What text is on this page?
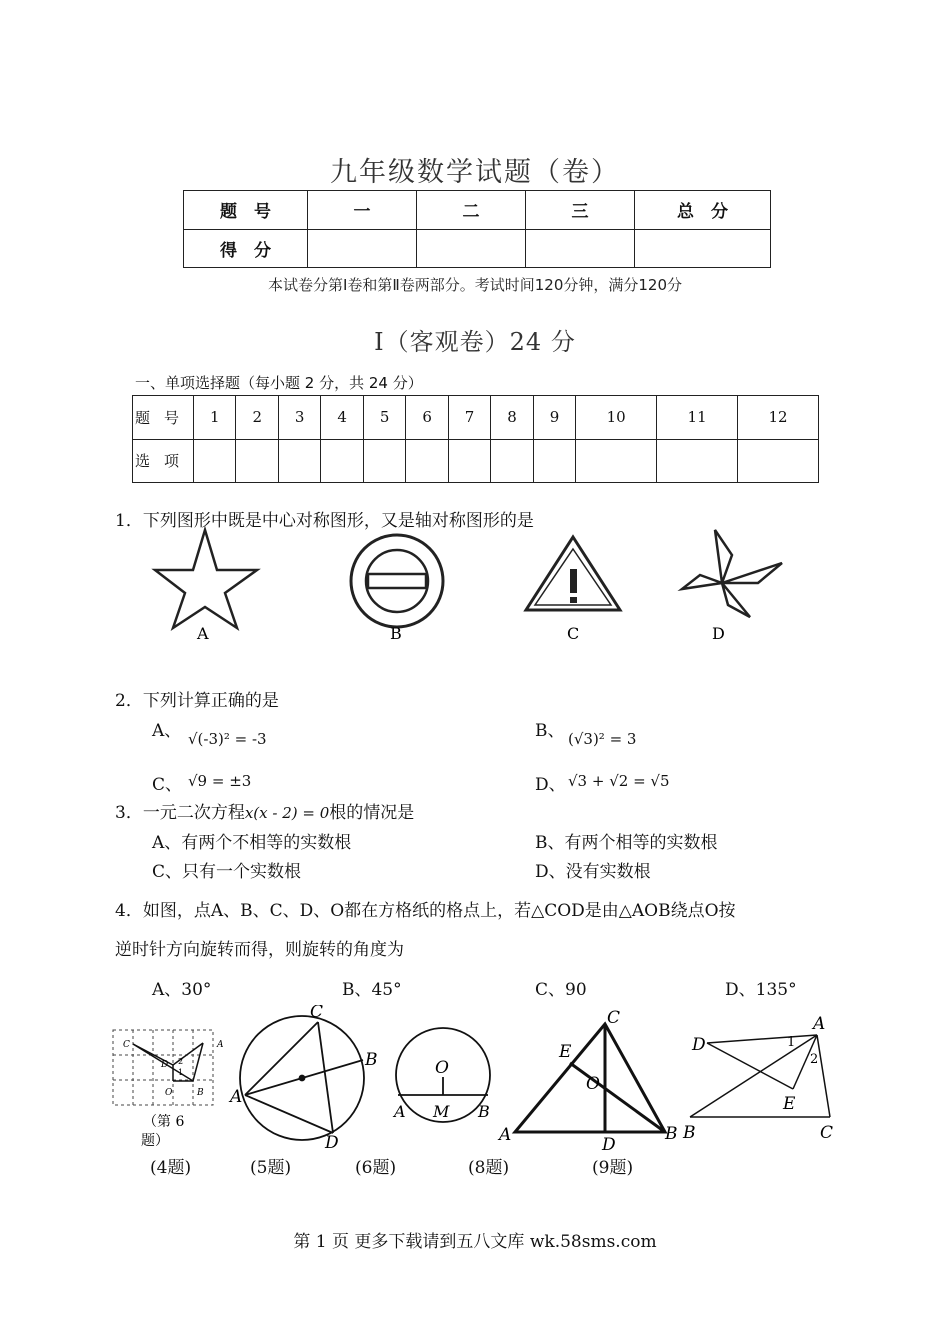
九年级数学试题（卷）
题　号	一	二	三	总　分
得　分				
本试卷分第Ⅰ卷和第Ⅱ卷两部分。考试时间120分钟，满分120分
Ⅰ（客观卷）24 分
一、单项选择题（每小题 2 分，共 24 分）
题号	1	2	3	4	5	6	7	8	9	10	11	12
选项												
1．下列图形中既是中心对称图形，又是轴对称图形的是
A	B	C	D
2．下列计算正确的是
A、 √(-3)² = -3	B、 (√3)² = 3
C、 √9 = ±3	D、 √3 + √2 = √5
3．一元二次方程x(x - 2) = 0根的情况是
A、有两个不相等的实数根	B、有两个相等的实数根
C、只有一个实数根	D、没有实数根
4．如图，点A、B、C、D、O都在方格纸的格点上，若△COD是由△AOB绕点O按
逆时针方向旋转而得，则旋转的角度为
A、30°	B、45°	C、90	D、135°
C	A
D
O	B
1
2
（第 6
题）
C
B
A
D
O
A M B
C
E
O
A	D
B
A
D	1
2
E
B	C
(4题)	(5题)	(6题)	(8题)	(9题)
第 1 页 更多下载请到五八文库 wk.58sms.com
